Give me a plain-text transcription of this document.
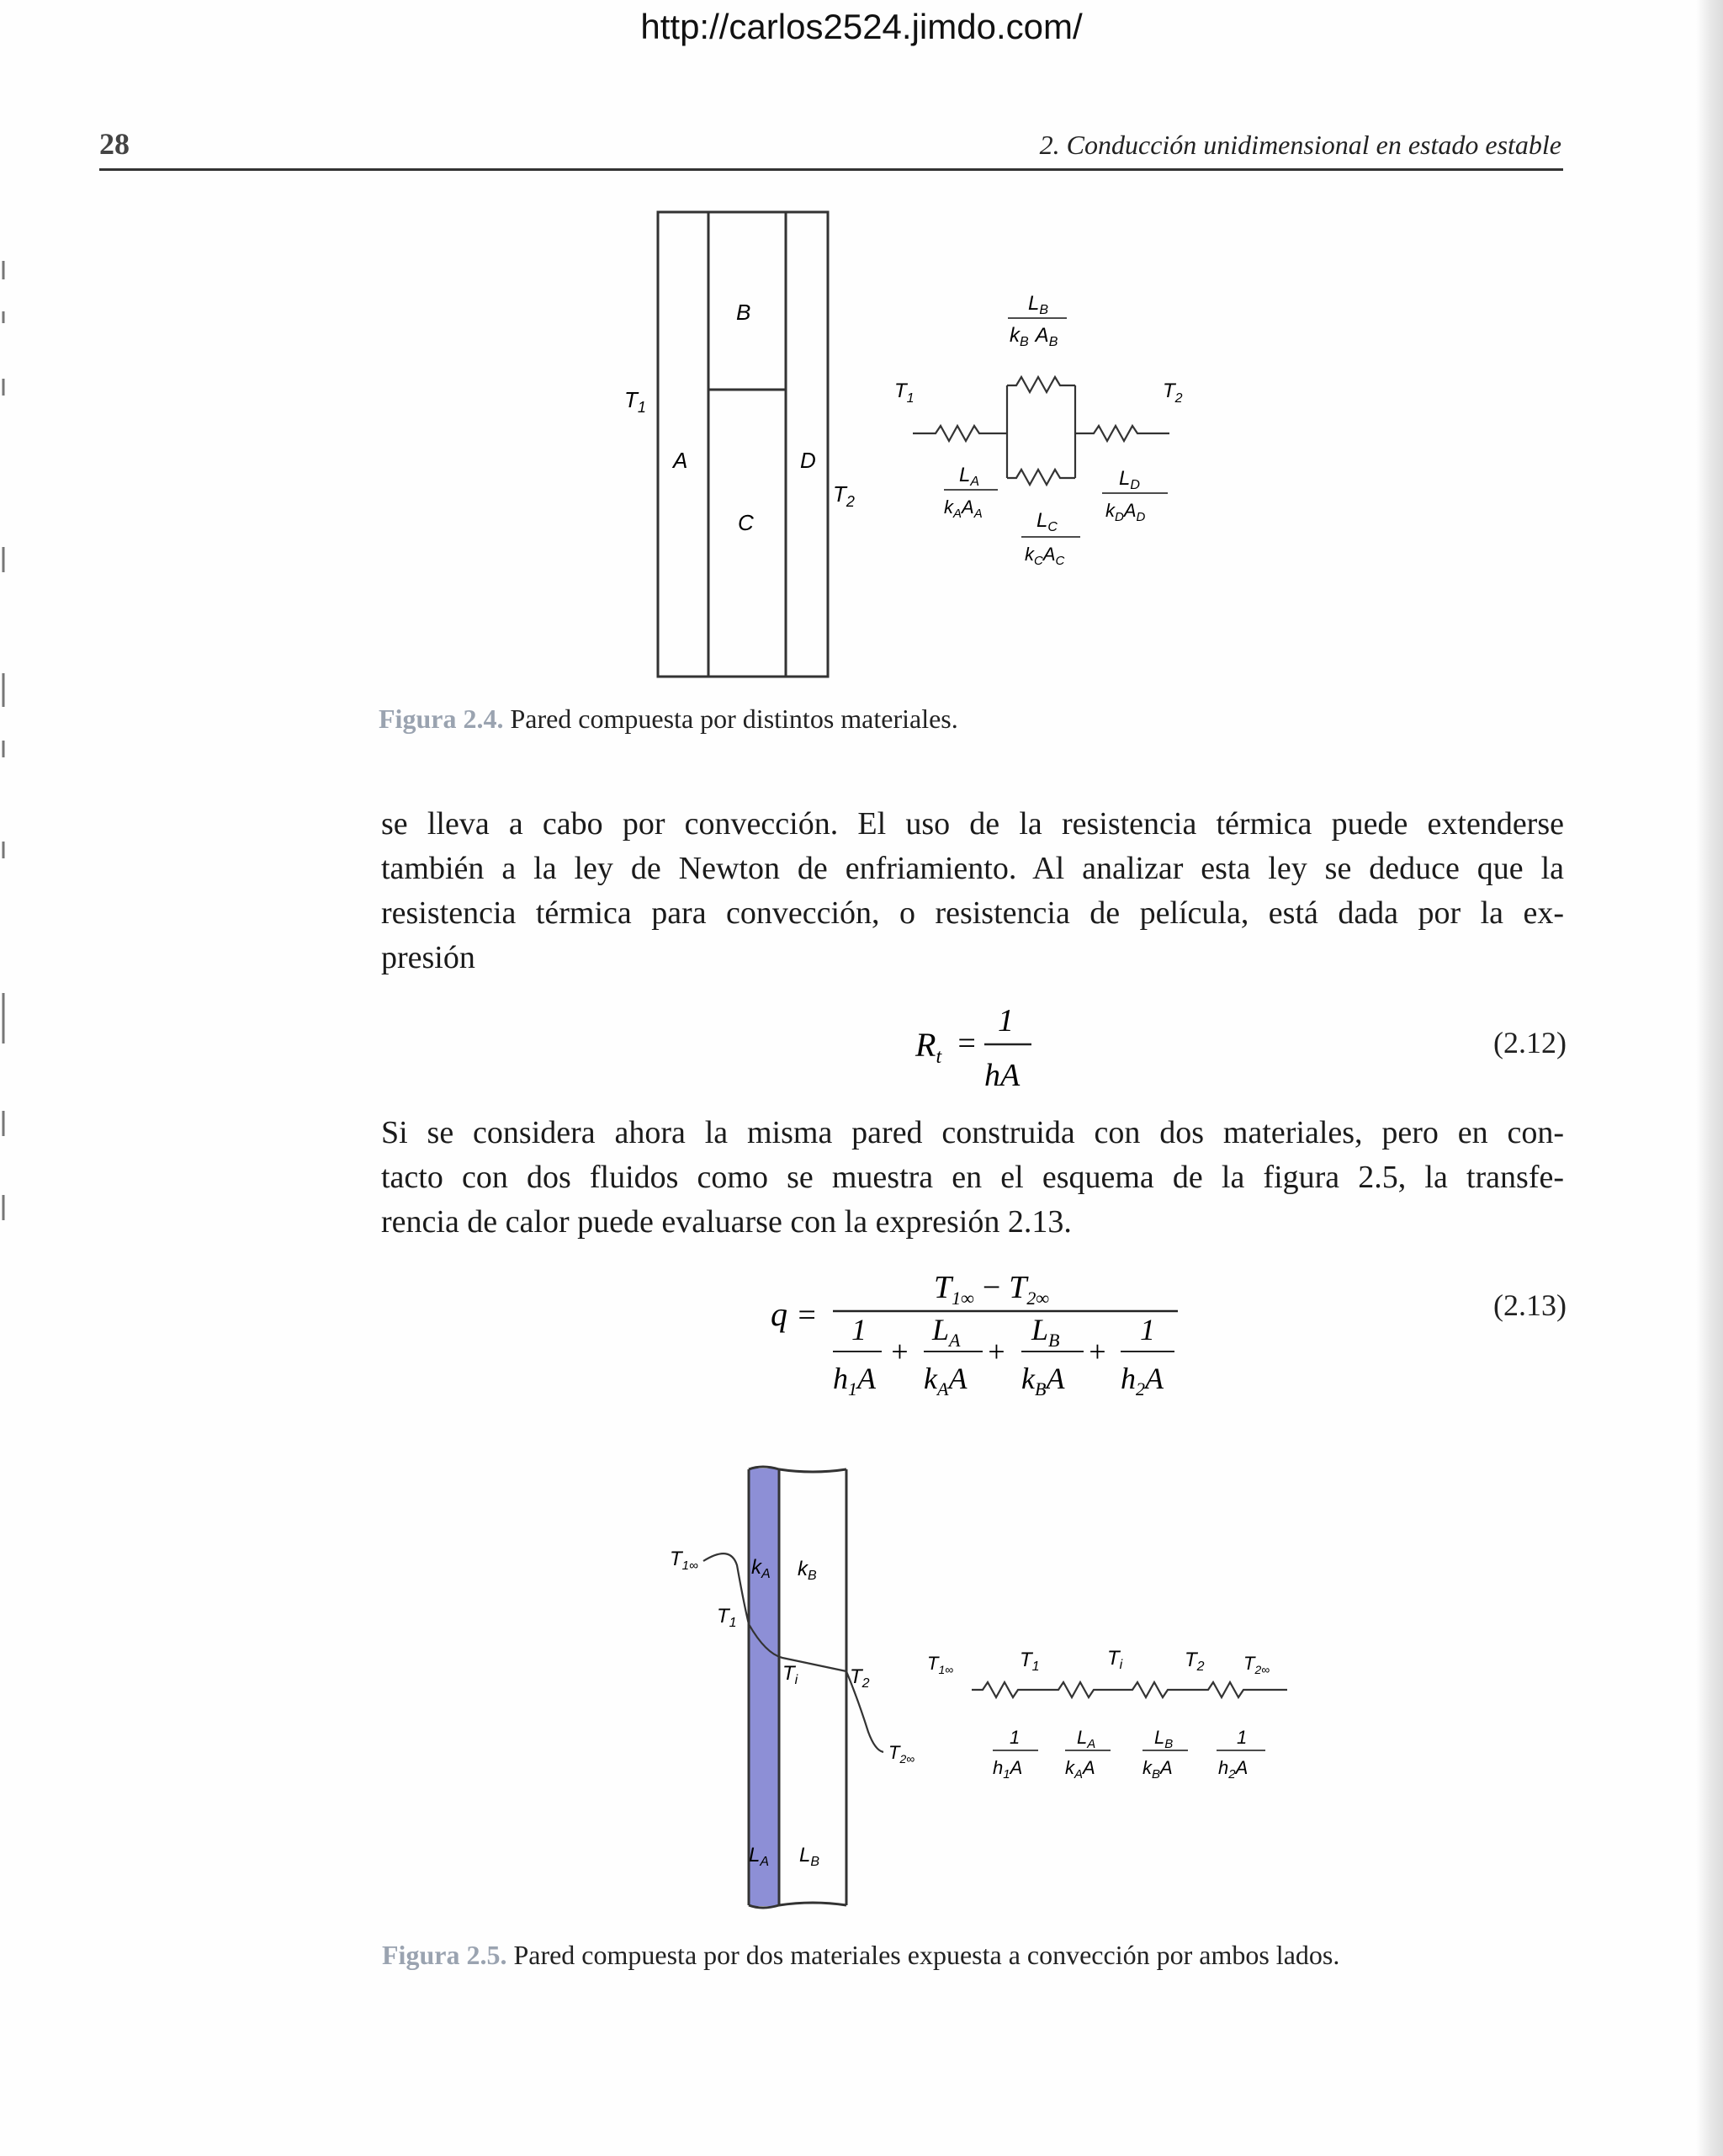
http://carlos2524.jimdo.com/
28	2. Conducción unidimensional en estado estable
B
A
C
D
$T_1$
$T_2$
$T_1$	$T_2$
$L_B$
$k_B$ $A_B$
$L_A$
$k_AA_A$	$L_C$
$k_CA_C$
$L_D$
$k_DA_D$
Figura 2.4. Pared compuesta por distintos materiales.
se lleva a cabo por convección. El uso de la resistencia térmica puede extenderse
también a la ley de Newton de enfriamiento. Al analizar esta ley se deduce que la
resistencia térmica para convección, o resistencia de película, está dada por la ex-
presión
$R_t$ =
1
hA
(2.12)
Si se considera ahora la misma pared construida con dos materiales, pero en con-
tacto con dos fluidos como se muestra en el esquema de la figura 2.5, la transfe-
rencia de calor puede evaluarse con la expresión 2.13.
q =
$T_{1\infty} - T_{2\infty}$
1
$h_1A$
+
$L_A$
$k_AA$
+
$L_B$
$k_BA$
+
1
$h_2A$
(2.13)
$k_A$ $k_B$
$L_A$ $L_B$
$T_{1\infty}$
$T_1$
$T_i$	$T_2$
$T_{2\infty}$
$T_{1\infty}$	$T_1$	$T_i$	$T_2$ $T_{2\infty}$
1
$h_1A$
$L_A$
$k_AA$
$L_B$
$k_BA$
1
$h_2A$
Figura 2.5. Pared compuesta por dos materiales expuesta a convección por ambos lados.
